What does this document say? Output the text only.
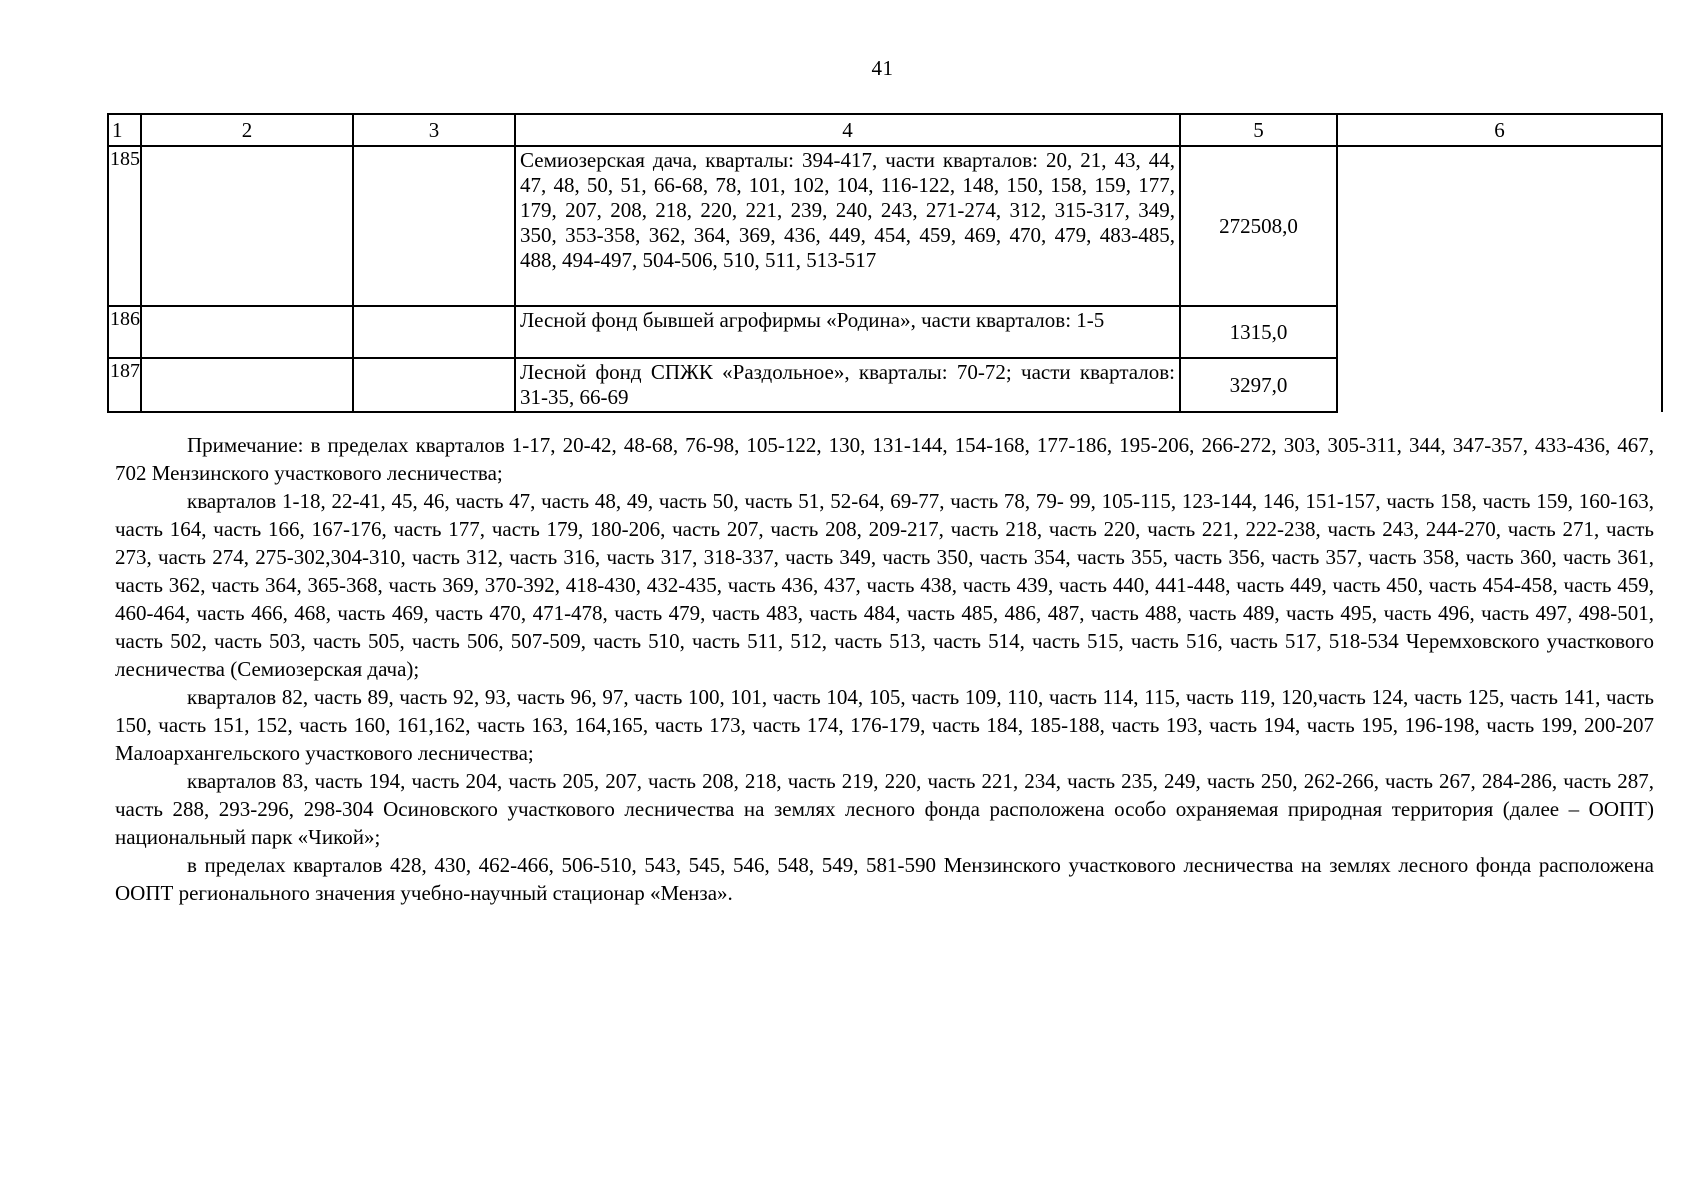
41
1	2	3	4	5	6
185			Семиозерская дача, кварталы: 394-417, части кварталов: 20, 21, 43, 44, 47, 48, 50, 51, 66-68, 78, 101, 102, 104, 116-122, 148, 150, 158, 159, 177, 179, 207, 208, 218, 220, 221, 239, 240, 243, 271-274, 312, 315-317, 349, 350, 353-358, 362, 364, 369, 436, 449, 454, 459, 469, 470, 479, 483-485, 488, 494-497, 504-506, 510, 511, 513-517	272508,0	
186			Лесной фонд бывшей агрофирмы «Родина», части кварталов: 1-5	1315,0	
187			Лесной фонд СПЖК «Раздольное», кварталы: 70-72; части кварталов: 31-35, 66-69	3297,0	

Примечание: в пределах кварталов 1-17, 20-42, 48-68, 76-98, 105-122, 130, 131-144, 154-168, 177-186, 195-206, 266-272, 303, 305-311, 344, 347-357, 433-436, 467, 702 Мензинского участкового лесничества;

кварталов 1-18, 22-41, 45, 46, часть 47, часть 48, 49, часть 50, часть 51, 52-64, 69-77, часть 78, 79- 99, 105-115, 123-144, 146, 151-157, часть 158, часть 159, 160-163, часть 164, часть 166, 167-176, часть 177, часть 179, 180-206, часть 207, часть 208, 209-217, часть 218, часть 220, часть 221, 222-238, часть 243, 244-270, часть 271, часть 273, часть 274, 275-302,304-310, часть 312, часть 316, часть 317, 318-337, часть 349, часть 350, часть 354, часть 355, часть 356, часть 357, часть 358, часть 360, часть 361, часть 362, часть 364, 365-368, часть 369, 370-392, 418-430, 432-435, часть 436, 437, часть 438, часть 439, часть 440, 441-448, часть 449, часть 450, часть 454-458, часть 459, 460-464, часть 466, 468, часть 469, часть 470, 471-478, часть 479, часть 483, часть 484, часть 485, 486, 487, часть 488, часть 489, часть 495, часть 496, часть 497, 498-501, часть 502, часть 503, часть 505, часть 506, 507-509, часть 510, часть 511, 512, часть 513, часть 514, часть 515, часть 516, часть 517, 518-534 Черемховского участкового лесничества (Семиозерская дача);

кварталов 82, часть 89, часть 92, 93, часть 96, 97, часть 100, 101, часть 104, 105, часть 109, 110, часть 114, 115, часть 119, 120,часть 124, часть 125, часть 141, часть 150, часть 151, 152, часть 160, 161,162, часть 163, 164,165, часть 173, часть 174, 176-179, часть 184, 185-188, часть 193, часть 194, часть 195, 196-198, часть 199, 200-207 Малоархангельского участкового лесничества;

кварталов 83, часть 194, часть 204, часть 205, 207, часть 208, 218, часть 219, 220, часть 221, 234, часть 235, 249, часть 250, 262-266, часть 267, 284-286, часть 287, часть 288, 293-296, 298-304 Осиновского участкового лесничества на землях лесного фонда расположена особо охраняемая природная территория (далее – ООПТ) национальный парк «Чикой»;

в пределах кварталов 428, 430, 462-466, 506-510, 543, 545, 546, 548, 549, 581-590 Мензинского участкового лесничества на землях лесного фонда расположена ООПТ регионального значения учебно-научный стационар «Менза».
